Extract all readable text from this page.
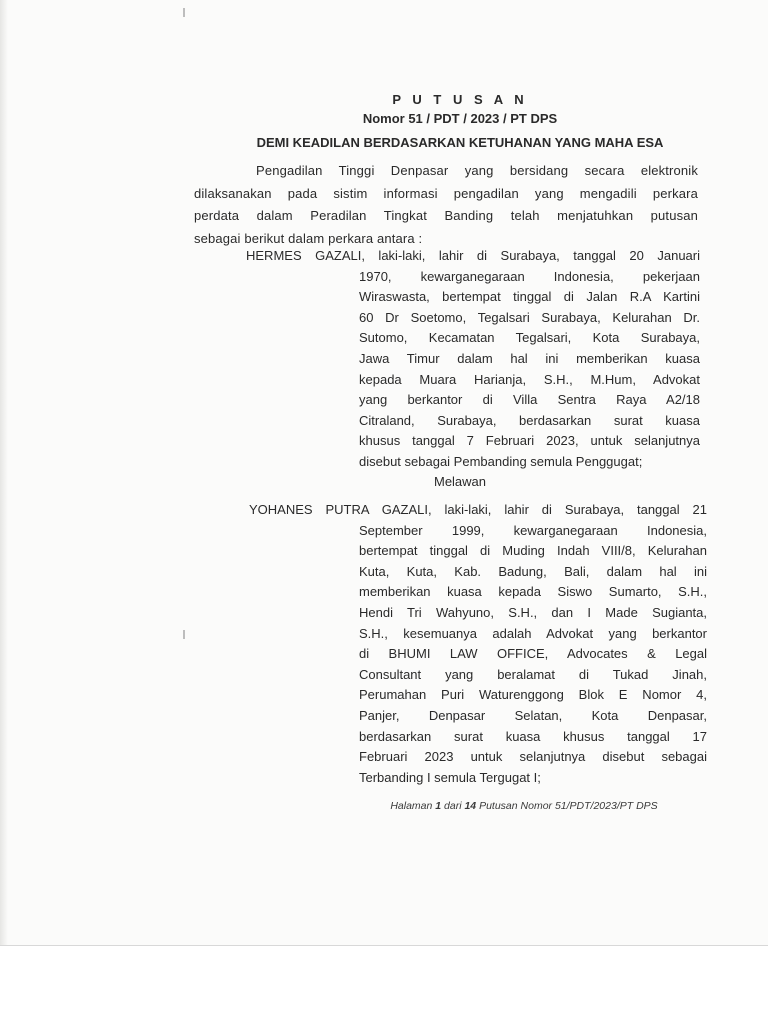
P U T U S A N
Nomor 51 / PDT / 2023 / PT DPS
DEMI KEADILAN BERDASARKAN KETUHANAN YANG MAHA ESA
Pengadilan Tinggi Denpasar yang bersidang secara elektronik
dilaksanakan pada sistim informasi pengadilan yang mengadili perkara
perdata dalam Peradilan Tingkat Banding telah menjatuhkan putusan
sebagai berikut dalam perkara antara :
HERMES GAZALI, laki-laki, lahir di Surabaya, tanggal 20 Januari
1970, kewarganegaraan Indonesia, pekerjaan
Wiraswasta, bertempat tinggal di Jalan R.A Kartini
60 Dr Soetomo, Tegalsari Surabaya, Kelurahan Dr.
Sutomo, Kecamatan Tegalsari, Kota Surabaya,
Jawa Timur dalam hal ini memberikan kuasa
kepada Muara Harianja, S.H., M.Hum, Advokat
yang berkantor di Villa Sentra Raya A2/18
Citraland, Surabaya, berdasarkan surat kuasa
khusus tanggal 7 Februari 2023, untuk selanjutnya
disebut sebagai Pembanding semula Penggugat;
Melawan
YOHANES PUTRA GAZALI, laki-laki, lahir di Surabaya, tanggal 21
September 1999, kewarganegaraan Indonesia,
bertempat tinggal di Muding Indah VIII/8, Kelurahan
Kuta, Kuta, Kab. Badung, Bali, dalam hal ini
memberikan kuasa kepada Siswo Sumarto, S.H.,
Hendi Tri Wahyuno, S.H., dan I Made Sugianta,
S.H., kesemuanya adalah Advokat yang berkantor
di BHUMI LAW OFFICE, Advocates & Legal
Consultant yang beralamat di Tukad Jinah,
Perumahan Puri Waturenggong Blok E Nomor 4,
Panjer, Denpasar Selatan, Kota Denpasar,
berdasarkan surat kuasa khusus tanggal 17
Februari 2023 untuk selanjutnya disebut sebagai
Terbanding I semula Tergugat I;
Halaman 1 dari 14 Putusan Nomor 51/PDT/2023/PT DPS
